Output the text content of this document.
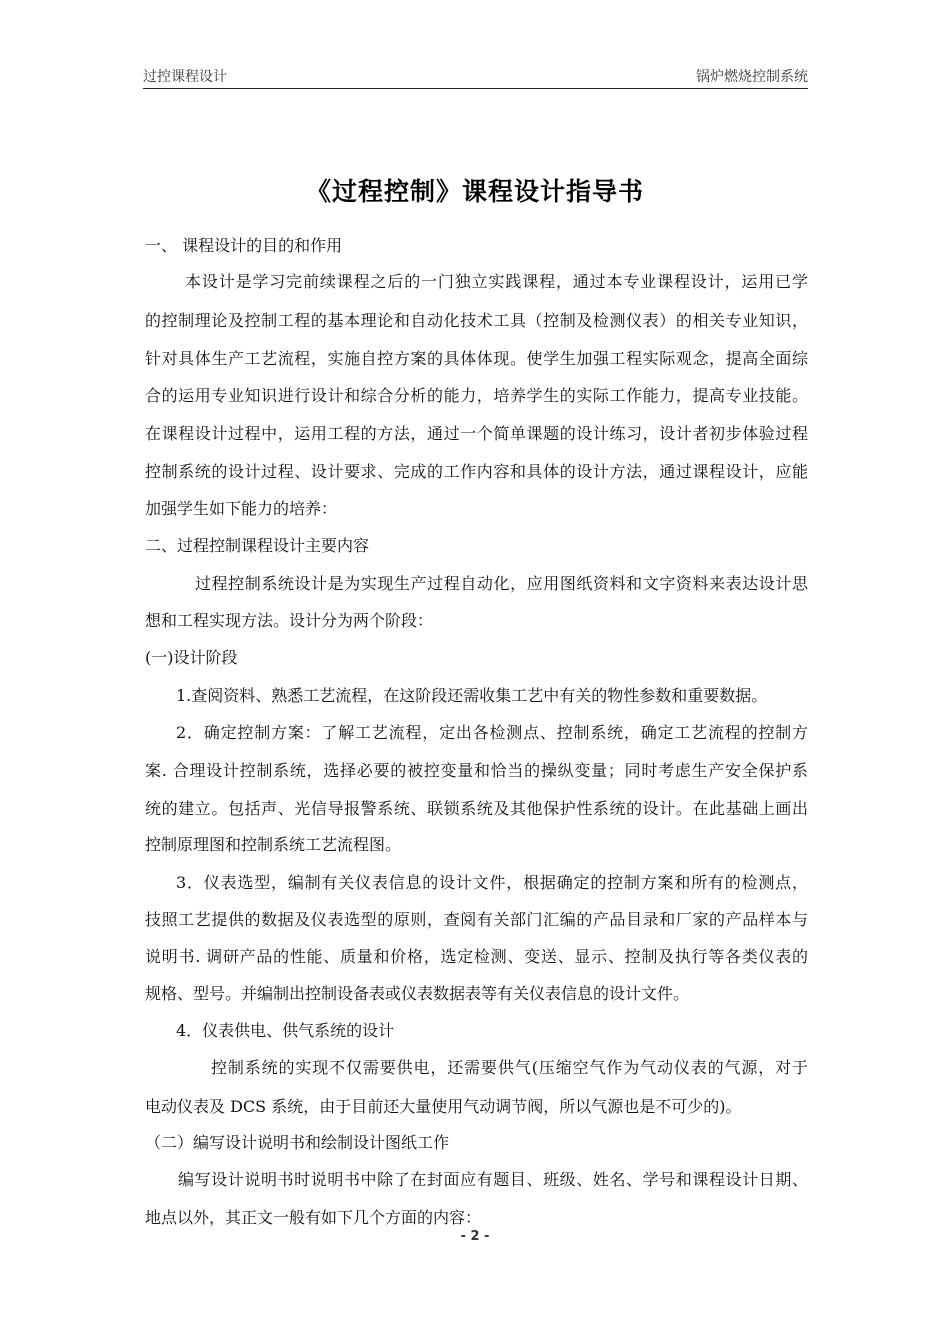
过控课程设计	锅炉燃烧控制系统
《过程控制》课程设计指导书
一、 课程设计的目的和作用
本设计是学习完前续课程之后的一门独立实践课程，通过本专业课程设计，运用已学
的控制理论及控制工程的基本理论和自动化技术工具（控制及检测仪表）的相关专业知识，
针对具体生产工艺流程，实施自控方案的具体体现。使学生加强工程实际观念，提高全面综
合的运用专业知识进行设计和综合分析的能力，培养学生的实际工作能力，提高专业技能。
在课程设计过程中，运用工程的方法，通过一个简单课题的设计练习，设计者初步体验过程
控制系统的设计过程、设计要求、完成的工作内容和具体的设计方法，通过课程设计，应能
加强学生如下能力的培养：
二、过程控制课程设计主要内容
过程控制系统设计是为实现生产过程自动化，应用图纸资料和文字资料来表达设计思
想和工程实现方法。设计分为两个阶段：
(一)设计阶段
1.查阅资料、熟悉工艺流程，在这阶段还需收集工艺中有关的物性参数和重要数据。
2．确定控制方案：了解工艺流程，定出各检测点、控制系统，确定工艺流程的控制方
案. 合理设计控制系统，选择必要的被控变量和恰当的操纵变量；同时考虑生产安全保护系
统的建立。包括声、光信导报警系统、联锁系统及其他保护性系统的设计。在此基础上画出
控制原理图和控制系统工艺流程图。
3．仪表选型，编制有关仪表信息的设计文件，根据确定的控制方案和所有的检测点，
技照工艺提供的数据及仪表选型的原则，查阅有关部门汇编的产品目录和厂家的产品样本与
说明书. 调研产品的性能、质量和价格，选定检测、变送、显示、控制及执行等各类仪表的
规格、型号。并编制出控制设备表或仪表数据表等有关仪表信息的设计文件。
4．仪表供电、供气系统的设计
控制系统的实现不仅需要供电，还需要供气(压缩空气作为气动仪表的气源，对于
电动仪表及 DCS 系统，由于目前还大量使用气动调节阀，所以气源也是不可少的)。
（二）编写设计说明书和绘制设计图纸工作
编写设计说明书时说明书中除了在封面应有题目、班级、姓名、学号和课程设计日期、
地点以外，其正文一般有如下几个方面的内容：
- 2 -
